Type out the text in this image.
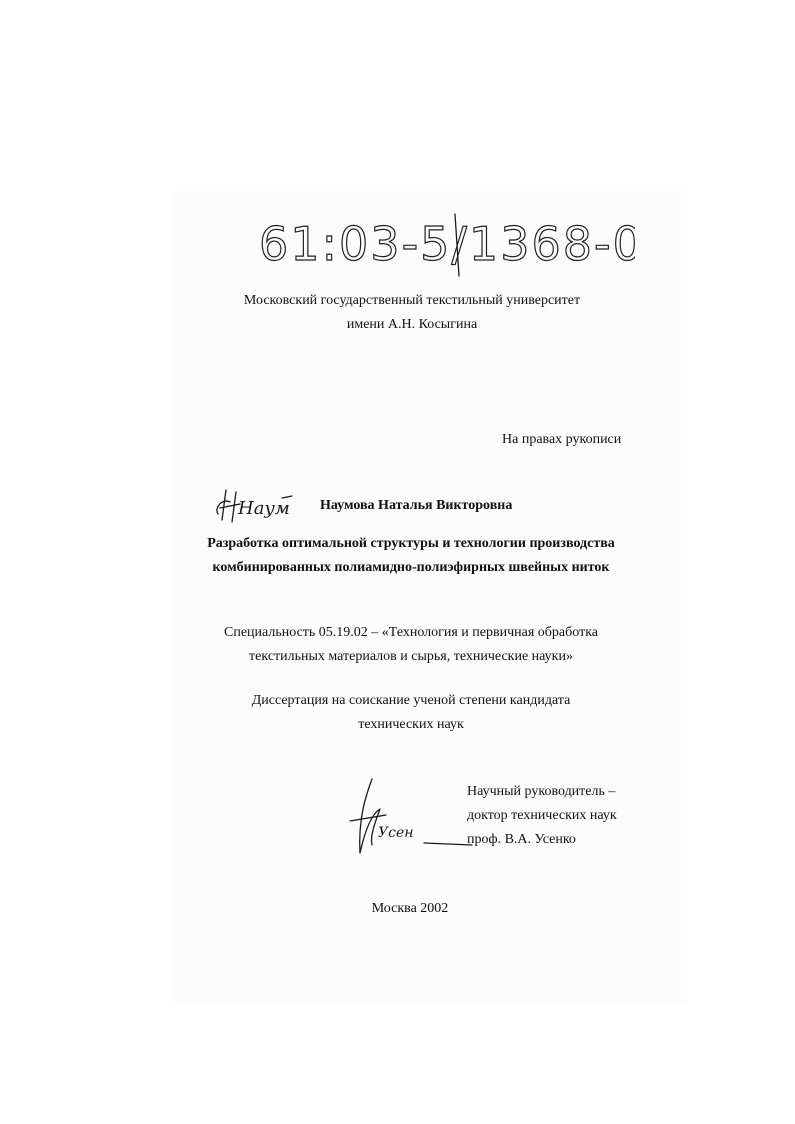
61:03-5/1368-0
Московский государственный текстильный университет
имени А.Н. Косыгина
На правах рукописи
Наум Наумова Наталья Викторовна
Разработка оптимальной структуры и технологии производства
комбинированных полиамидно-полиэфирных швейных ниток
Специальность 05.19.02 – «Технология и первичная обработка
текстильных материалов и сырья, технические науки»
Диссертация на соискание ученой степени кандидата
технических наук
Усен
Научный руководитель –
доктор технических наук
проф. В.А. Усенко
Москва 2002
